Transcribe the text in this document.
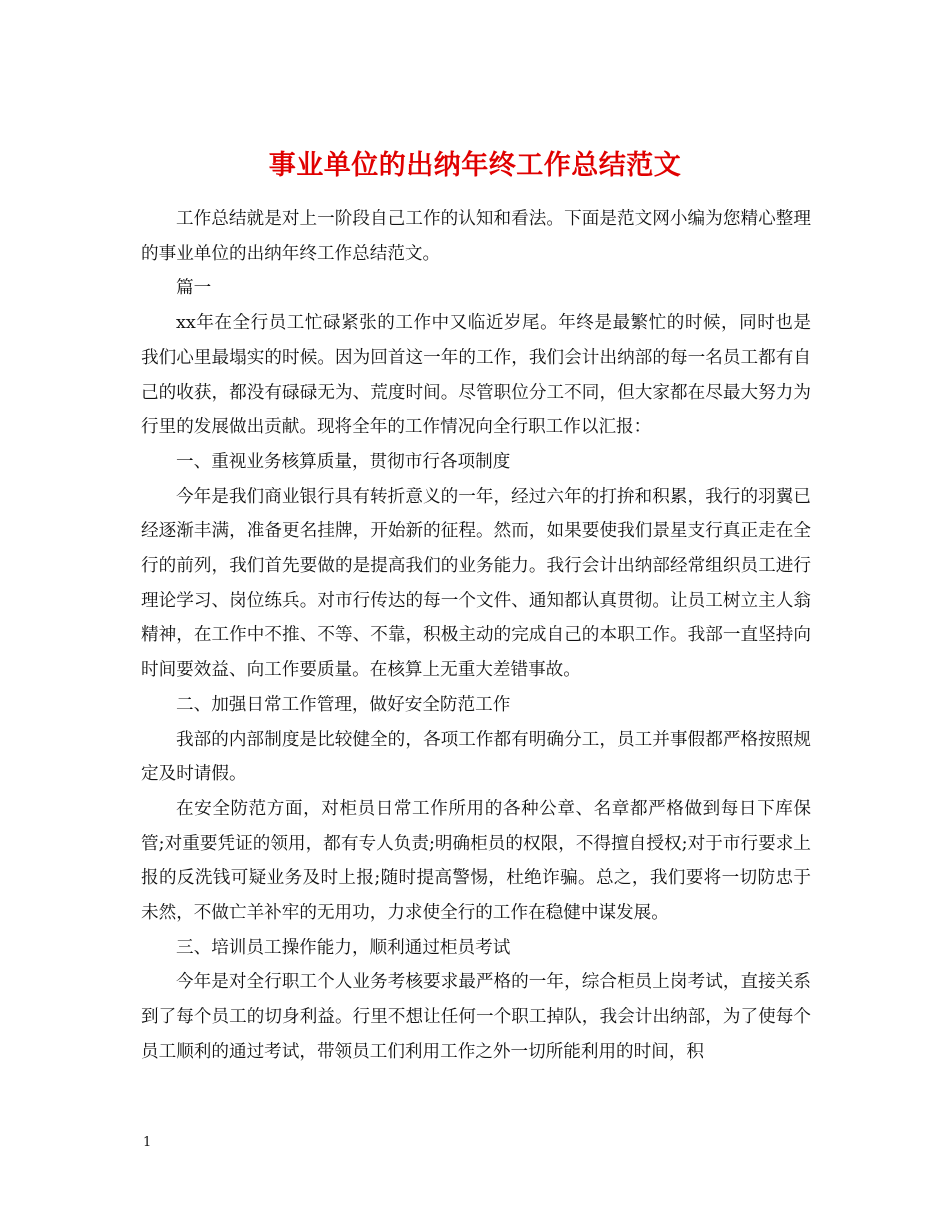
事业单位的出纳年终工作总结范文

工作总结就是对上一阶段自己工作的认知和看法。下面是范文网小编为您精心整理的事业单位的出纳年终工作总结范文。

篇一

xx年在全行员工忙碌紧张的工作中又临近岁尾。年终是最繁忙的时候，同时也是我们心里最塌实的时候。因为回首这一年的工作，我们会计出纳部的每一名员工都有自己的收获，都没有碌碌无为、荒度时间。尽管职位分工不同，但大家都在尽最大努力为行里的发展做出贡献。现将全年的工作情况向全行职工作以汇报：

一、重视业务核算质量，贯彻市行各项制度

今年是我们商业银行具有转折意义的一年，经过六年的打拚和积累，我行的羽翼已经逐渐丰满，准备更名挂牌，开始新的征程。然而，如果要使我们景星支行真正走在全行的前列，我们首先要做的是提高我们的业务能力。我行会计出纳部经常组织员工进行理论学习、岗位练兵。对市行传达的每一个文件、通知都认真贯彻。让员工树立主人翁精神，在工作中不推、不等、不靠，积极主动的完成自己的本职工作。我部一直坚持向时间要效益、向工作要质量。在核算上无重大差错事故。

二、加强日常工作管理，做好安全防范工作

我部的内部制度是比较健全的，各项工作都有明确分工，员工并事假都严格按照规定及时请假。

在安全防范方面，对柜员日常工作所用的各种公章、名章都严格做到每日下库保管;对重要凭证的领用，都有专人负责;明确柜员的权限，不得擅自授权;对于市行要求上报的反洗钱可疑业务及时上报;随时提高警惕，杜绝诈骗。总之，我们要将一切防忠于未然，不做亡羊补牢的无用功，力求使全行的工作在稳健中谋发展。

三、培训员工操作能力，顺利通过柜员考试

今年是对全行职工个人业务考核要求最严格的一年，综合柜员上岗考试，直接关系到了每个员工的切身利益。行里不想让任何一个职工掉队，我会计出纳部，为了使每个员工顺利的通过考试，带领员工们利用工作之外一切所能利用的时间，积

1
